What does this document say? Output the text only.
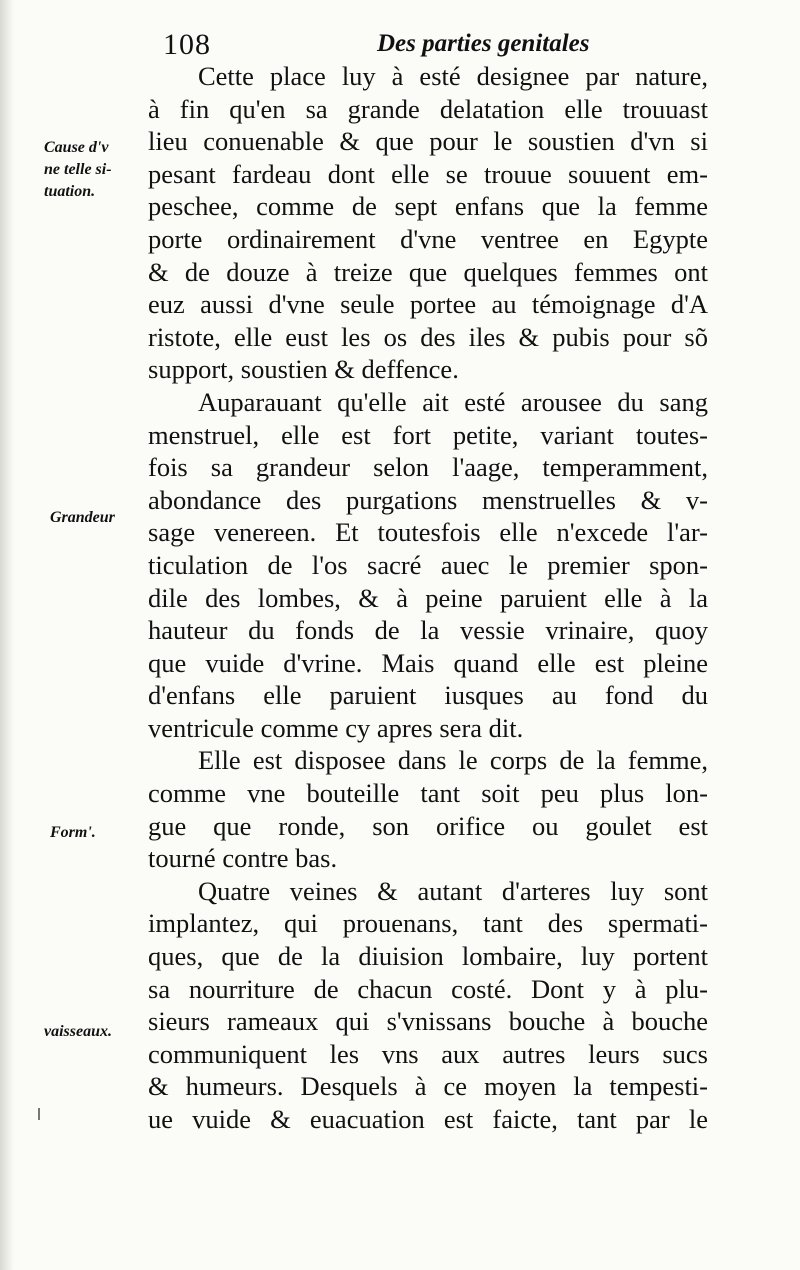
108	Des parties genitales
Cause d'v
ne telle si-
tuation.
Grandeur
Form'.
vaisseaux.
Cette place luy à esté designee par nature,
à fin qu'en sa grande delatation elle trouuast
lieu conuenable & que pour le soustien d'vn si
pesant fardeau dont elle se trouue souuent em-
peschee, comme de sept enfans que la femme
porte ordinairement d'vne ventree en Egypte
& de douze à treize que quelques femmes ont
euz aussi d'vne seule portee au témoignage d'A
ristote, elle eust les os des iles & pubis pour sõ
support, soustien & deffence.
Auparauant qu'elle ait esté arousee du sang
menstruel, elle est fort petite, variant toutes-
fois sa grandeur selon l'aage, temperamment,
abondance des purgations menstruelles & v-
sage venereen. Et toutesfois elle n'excede l'ar-
ticulation de l'os sacré auec le premier spon-
dile des lombes, & à peine paruient elle à la
hauteur du fonds de la vessie vrinaire, quoy
que vuide d'vrine. Mais quand elle est pleine
d'enfans elle paruient iusques au fond du
ventricule comme cy apres sera dit.
Elle est disposee dans le corps de la femme,
comme vne bouteille tant soit peu plus lon-
gue que ronde, son orifice ou goulet est
tourné contre bas.
Quatre veines & autant d'arteres luy sont
implantez, qui prouenans, tant des spermati-
ques, que de la diuision lombaire, luy portent
sa nourriture de chacun costé. Dont y à plu-
sieurs rameaux qui s'vnissans bouche à bouche
communiquent les vns aux autres leurs sucs
& humeurs. Desquels à ce moyen la tempesti-
ue vuide & euacuation est faicte, tant par le
